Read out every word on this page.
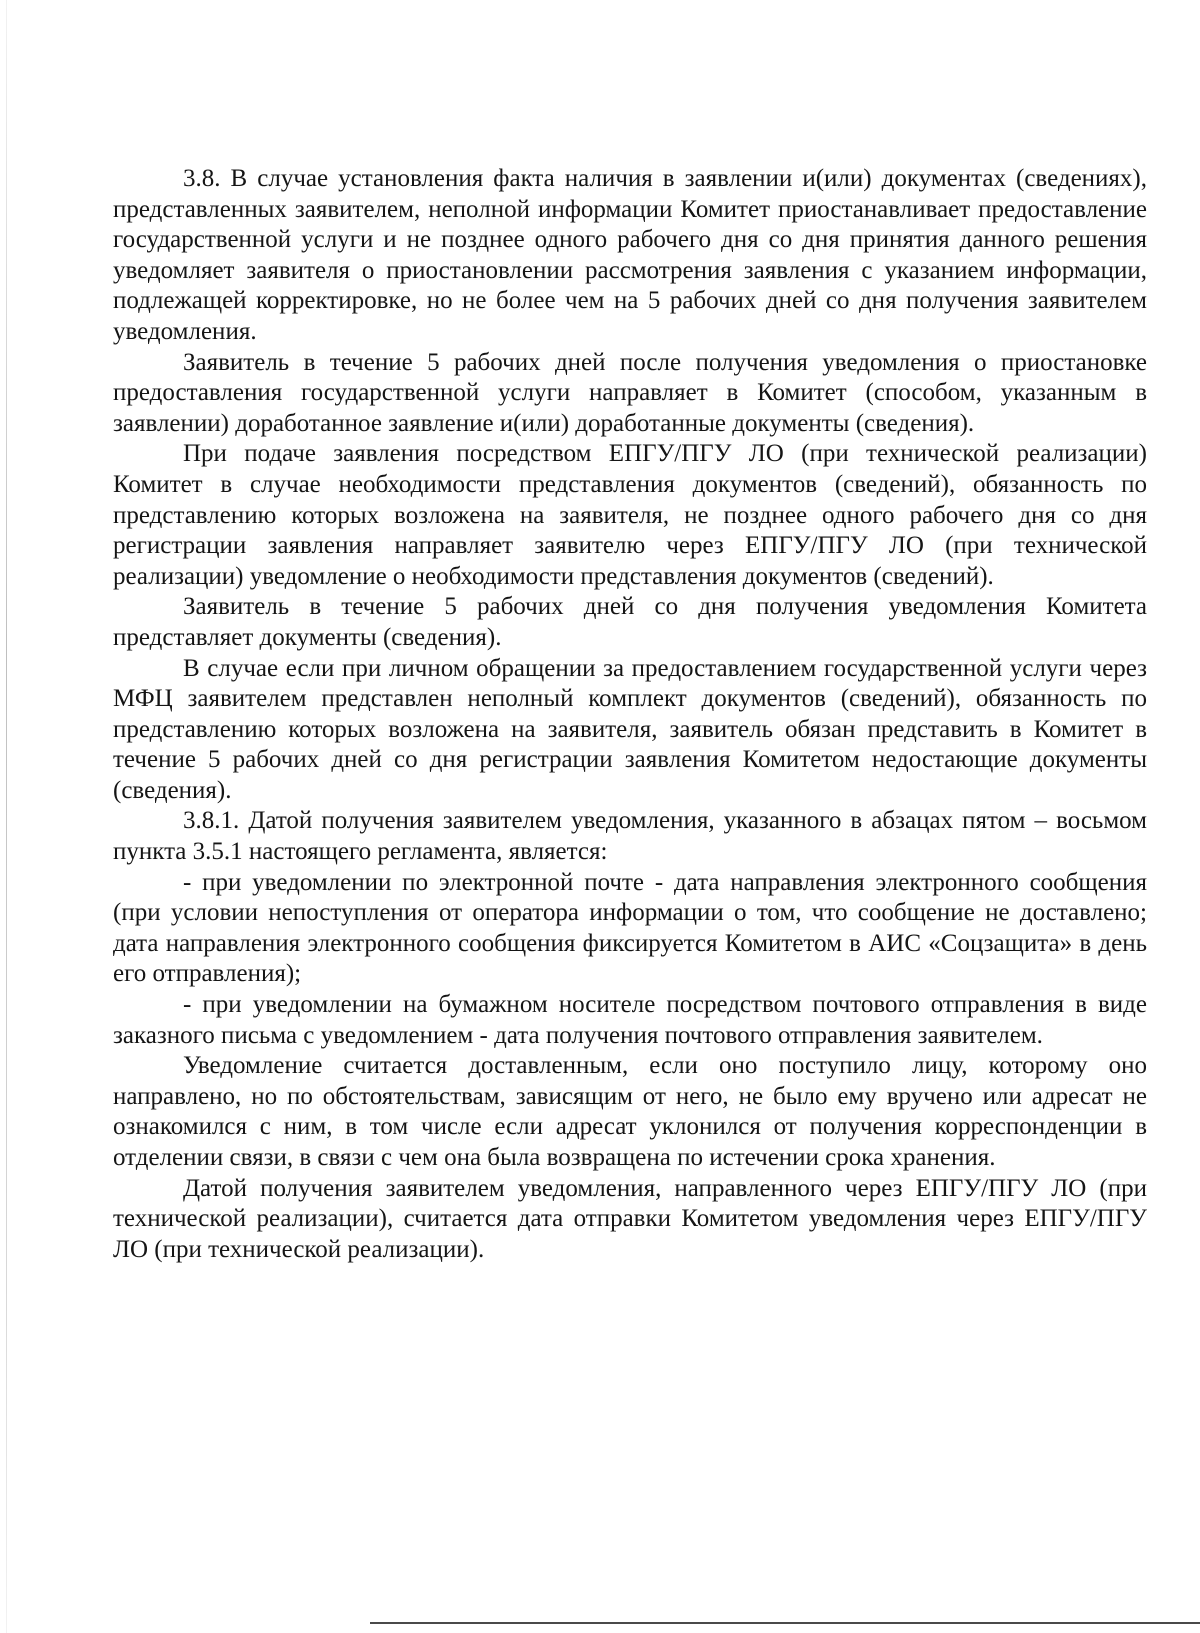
3.8. В случае установления факта наличия в заявлении и(или) документах (сведениях), представленных заявителем, неполной информации Комитет приостанавливает предоставление государственной услуги и не позднее одного рабочего дня со дня принятия данного решения уведомляет заявителя о приостановлении рассмотрения заявления с указанием информации, подлежащей корректировке, но не более чем на 5 рабочих дней со дня получения заявителем уведомления.

Заявитель в течение 5 рабочих дней после получения уведомления о приостановке предоставления государственной услуги направляет в Комитет (способом, указанным в заявлении) доработанное заявление и(или) доработанные документы (сведения).

При подаче заявления посредством ЕПГУ/ПГУ ЛО (при технической реализации) Комитет в случае необходимости представления документов (сведений), обязанность по представлению которых возложена на заявителя, не позднее одного рабочего дня со дня регистрации заявления направляет заявителю через ЕПГУ/ПГУ ЛО (при технической реализации) уведомление о необходимости представления документов (сведений).

Заявитель в течение 5 рабочих дней со дня получения уведомления Комитета представляет документы (сведения).

В случае если при личном обращении за предоставлением государственной услуги через МФЦ заявителем представлен неполный комплект документов (сведений), обязанность по представлению которых возложена на заявителя, заявитель обязан представить в Комитет в течение 5 рабочих дней со дня регистрации заявления Комитетом недостающие документы (сведения).

3.8.1. Датой получения заявителем уведомления, указанного в абзацах пятом – восьмом пункта 3.5.1 настоящего регламента, является:

- при уведомлении по электронной почте - дата направления электронного сообщения (при условии непоступления от оператора информации о том, что сообщение не доставлено; дата направления электронного сообщения фиксируется Комитетом в АИС «Соцзащита» в день его отправления);

- при уведомлении на бумажном носителе посредством почтового отправления в виде заказного письма с уведомлением - дата получения почтового отправления заявителем.

Уведомление считается доставленным, если оно поступило лицу, которому оно направлено, но по обстоятельствам, зависящим от него, не было ему вручено или адресат не ознакомился с ним, в том числе если адресат уклонился от получения корреспонденции в отделении связи, в связи с чем она была возвращена по истечении срока хранения.

Датой получения заявителем уведомления, направленного через ЕПГУ/ПГУ ЛО (при технической реализации), считается дата отправки Комитетом уведомления через ЕПГУ/ПГУ ЛО (при технической реализации).
